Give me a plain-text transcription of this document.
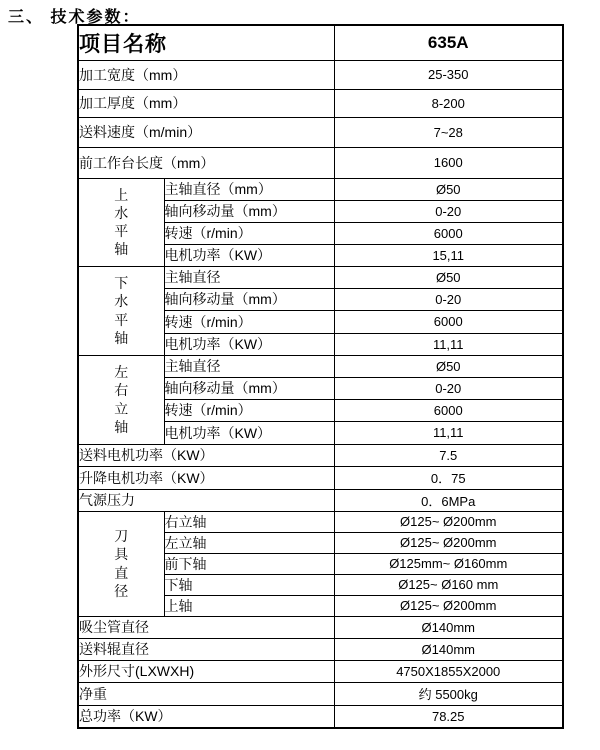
三、 技术参数：
项目名称		635A
加工宽度（mm）		25-350
加工厚度（mm）		8-200
送料速度（m/min）		7~28
前工作台长度（mm）		1600

上水平轴	主轴直径（mm）	Ø50
	轴向移动量（mm）	0-20
	转速（r/min）	6000
	电机功率（KW）	15,11

下水平轴	主轴直径	Ø50
	轴向移动量（mm）	0-20
	转速（r/min）	6000
	电机功率（KW）	11,11

左右立轴	主轴直径	Ø50
	轴向移动量（mm）	0-20
	转速（r/min）	6000
	电机功率（KW）	11,11
送料电机功率（KW）		7.5
升降电机功率（KW）		0．75
气源压力		0．6MPa

刀具直径	右立轴	Ø125~ Ø200mm
	左立轴	Ø125~ Ø200mm
	前下轴	Ø125mm~ Ø160mm
	下轴	Ø125~ Ø160 mm
	上轴	Ø125~ Ø200mm
吸尘管直径		Ø140mm
送料辊直径		Ø140mm
外形尺寸(LXWXH)		4750X1855X2000
净重		约 5500kg
总功率（KW）		78.25
